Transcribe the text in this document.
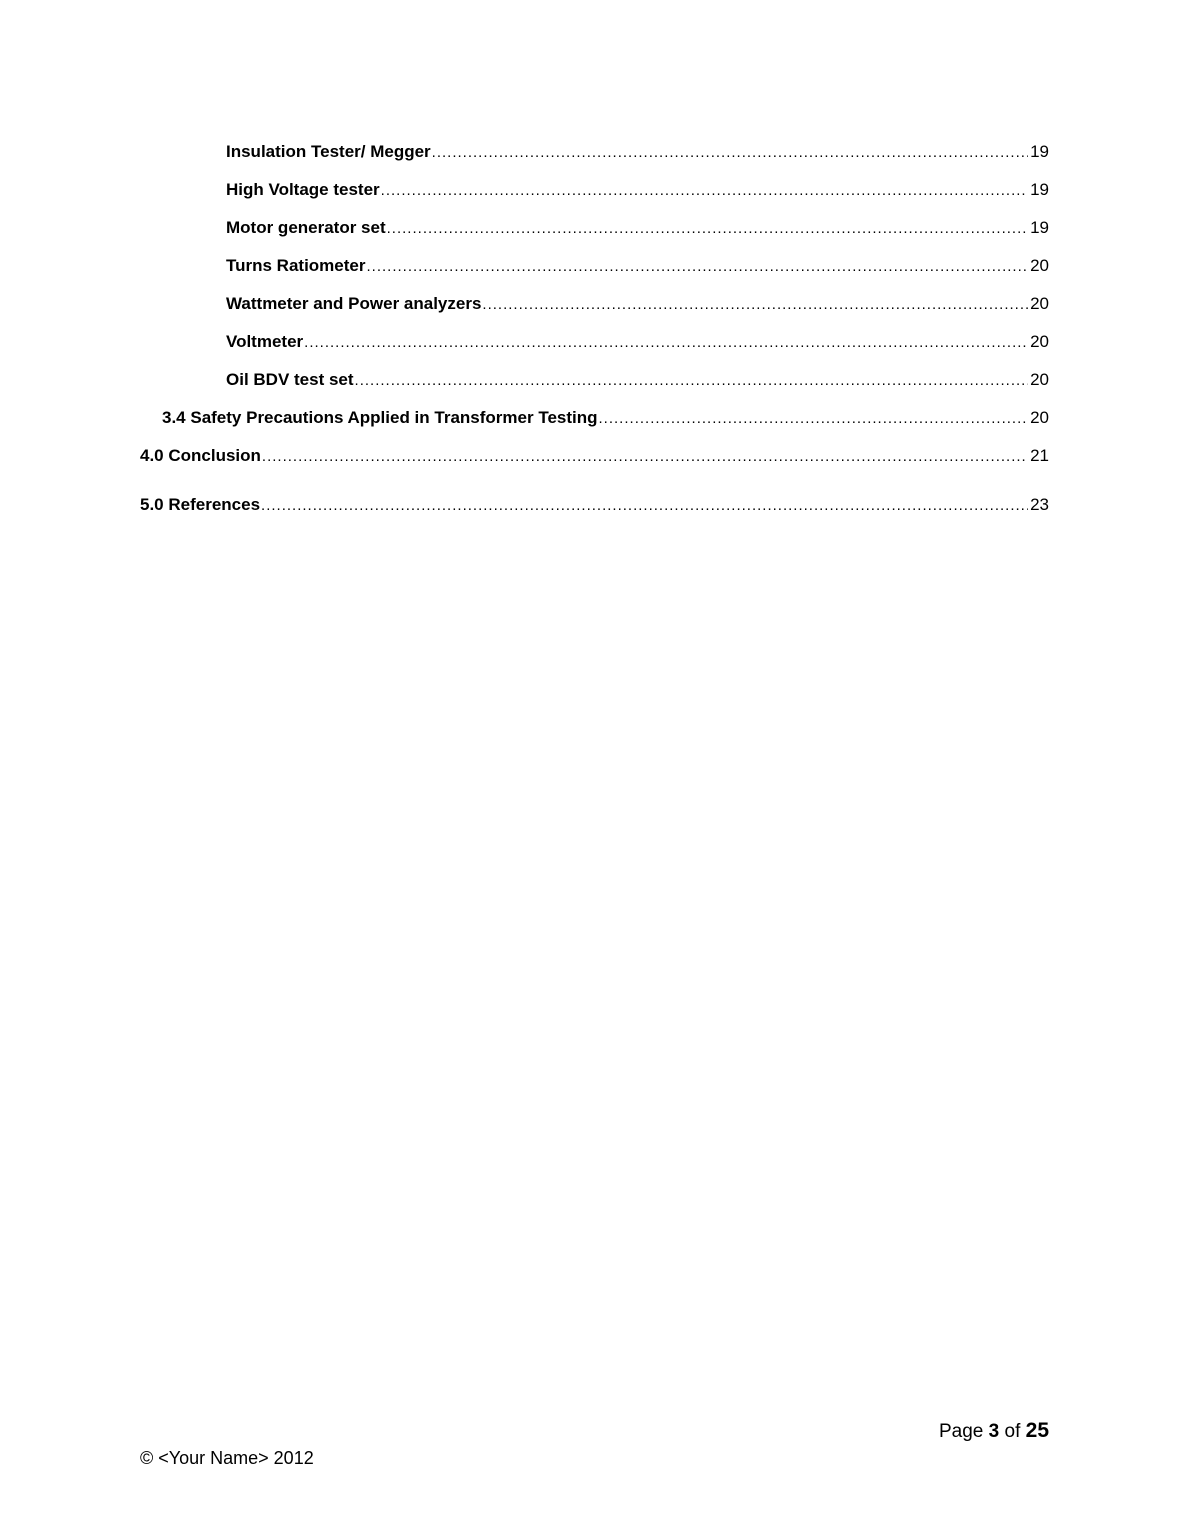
Insulation Tester/ Megger .....	19
High Voltage tester .....	19
Motor generator set .....	19
Turns Ratiometer .....	20
Wattmeter and Power analyzers .....	20
Voltmeter .....	20
Oil BDV test set .....	20
3.4 Safety Precautions Applied in Transformer Testing .....	20
4.0 Conclusion .....	21
5.0 References .....	23
Page 3 of 25
© <Your Name> 2012
